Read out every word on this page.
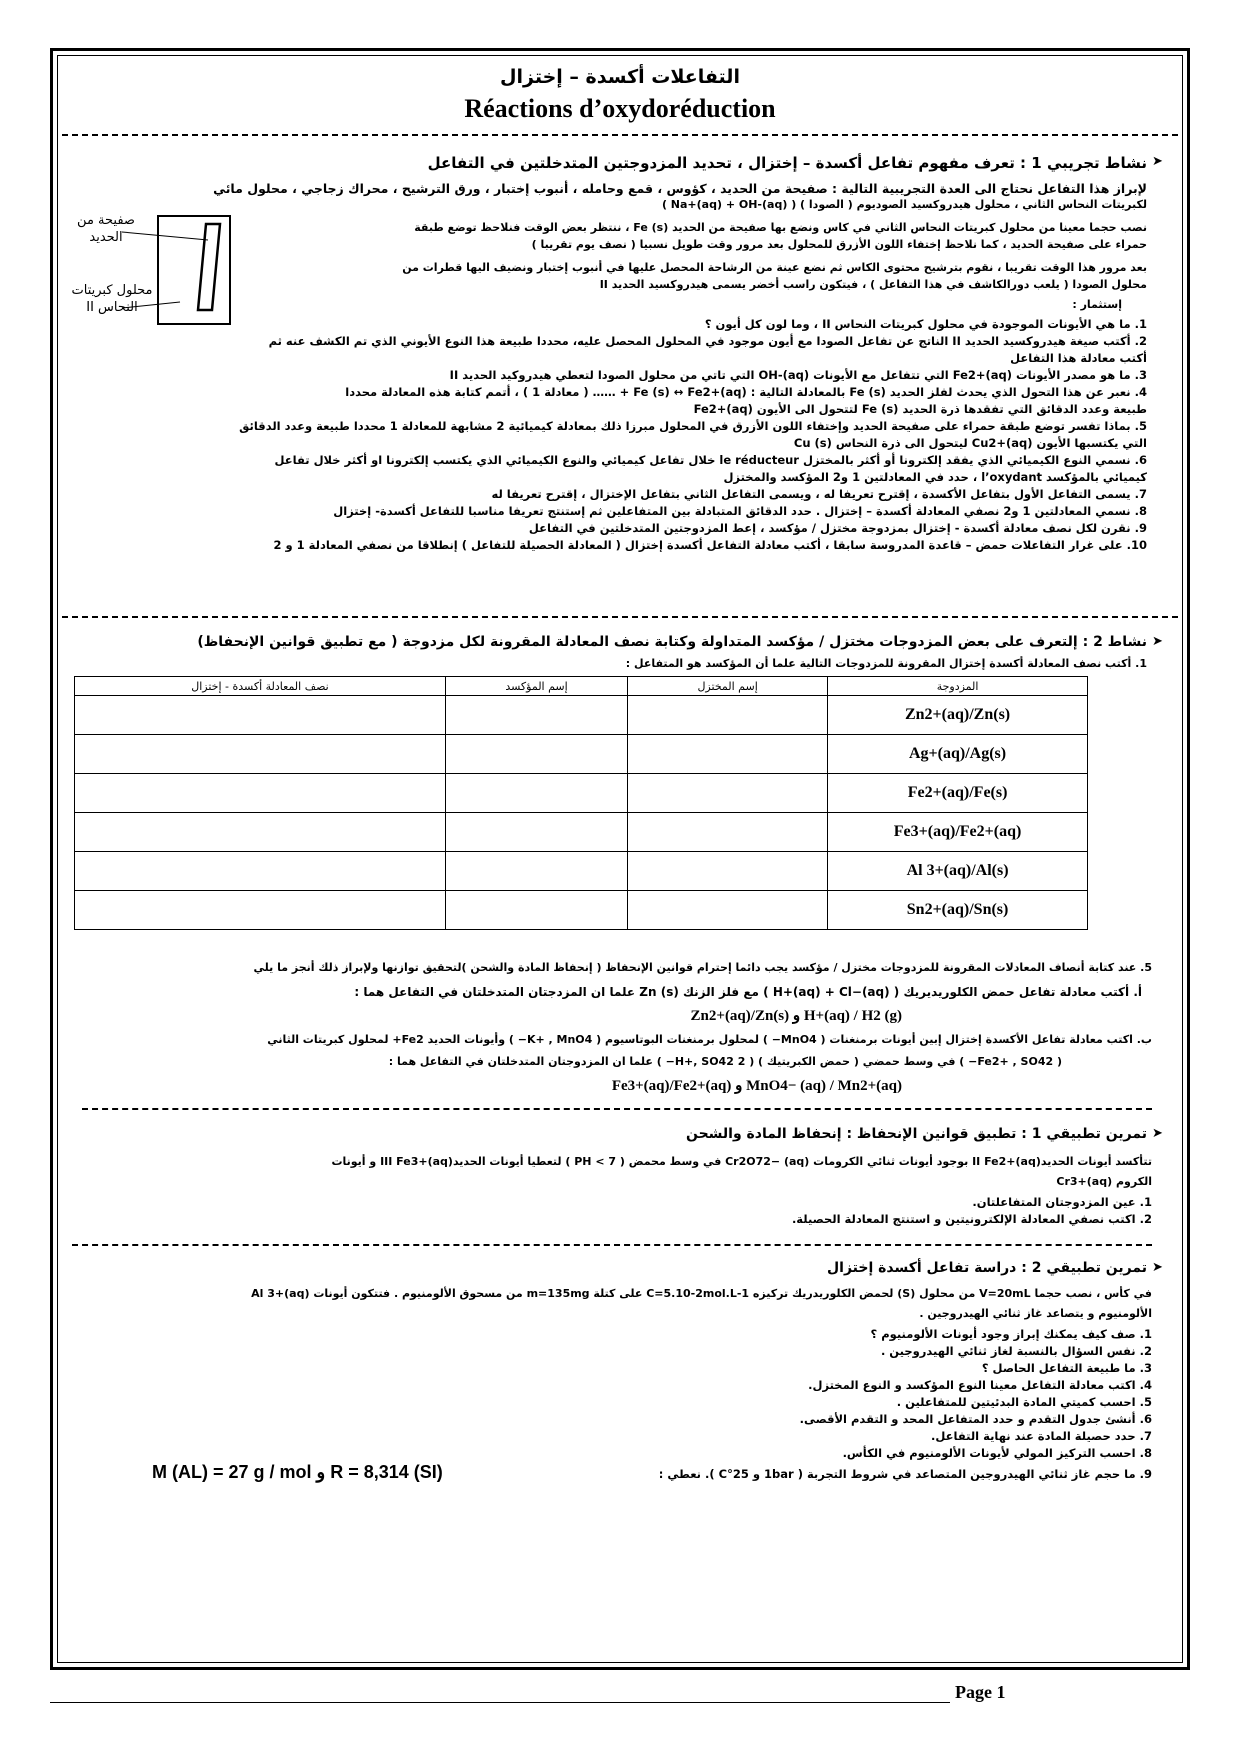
التفاعلات أكسدة – إختزال
Réactions d’oxydoréduction
نشاط تجريبي 1 : تعرف مفهوم تفاعل أكسدة – إختزال ، تحديد المزدوجتين المتدخلتين في التفاعل ➤
لإبراز هذا التفاعل نحتاج الى العدة التجريبية التالية : صفيحة من الحديد ، كؤوس ، قمع وحامله ، أنبوب إختبار ، ورق الترشيح ، محراك زجاجي ، محلول مائي
لكبريتات النحاس الثاني ، محلول هيدروكسيد الصوديوم ( الصودا ) ( Na+(aq) + OH-(aq) )
صفيحة من الحديد
محلول كبريتات النحاس II
نصب حجما معينا من محلول كبريتات النحاس الثاني في كاس ونضع بها صفيحة من الحديد Fe (s) ، ننتظر بعض الوقت فنلاحظ توضع طبقة
حمراء على صفيحة الحديد ، كما نلاحظ إختفاء اللون الأزرق للمحلول بعد مرور وقت طويل نسبيا ( نصف يوم تقريبا )
بعد مرور هذا الوقت تقريبا ، نقوم بترشيح محتوى الكاس ثم نضع عينة من الرشاحة المحصل عليها في أنبوب إختبار ونضيف اليها قطرات من
محلول الصودا ( يلعب دورالكاشف في هذا التفاعل ) ، فيتكون راسب أخضر يسمى هيدروكسيد الحديد II
إستثمار :
1. ما هي الأيونات الموجودة في محلول كبريتات النحاس II ، وما لون كل أيون ؟
2. أكتب صيغة هيدروكسيد الحديد II الناتج عن تفاعل الصودا مع أيون موجود في المحلول المحصل عليه، محددا طبيعة هذا النوع الأيوني الذي تم الكشف عنه ثم
أكتب معادلة هذا التفاعل
3. ما هو مصدر الأيونات Fe2+(aq) التي تتفاعل مع الأيونات OH-(aq) التي تاتي من محلول الصودا لتعطي هيدروكيد الحديد II
4. نعبر عن هذا التحول الذي يحدث لفلز الحديد Fe (s) بالمعادلة التالية : Fe (s) ↔ Fe2+(aq) + …… ( معادلة 1 ) ، أتمم كتابة هذه المعادلة محددا
طبيعة وعدد الدقائق التي تفقدها ذرة الحديد Fe (s) لتتحول الى الأيون Fe2+(aq)
5. بماذا تفسر توضع طبقة حمراء على صفيحة الحديد وإختفاء اللون الأزرق في المحلول مبرزا ذلك بمعادلة كيميائية 2 مشابهة للمعادلة 1 محددا طبيعة وعدد الدقائق
التي يكتسبها الأيون Cu2+(aq) ليتحول الى ذرة النحاس Cu (s)
6. نسمي النوع الكيميائي الذي يفقد إلكترونا أو أكثر بالمختزل le réducteur خلال تفاعل كيميائي والنوع الكيميائي الذي يكتسب إلكترونا او أكثر خلال تفاعل
كيميائي بالمؤكسد l’oxydant ، حدد في المعادلتين 1 و2 المؤكسد والمختزل
7. يسمى التفاعل الأول بتفاعل الأكسدة ، إقترح تعريفا له ، ويسمى التفاعل الثاني بتفاعل الإختزال ، إقترح تعريفا له
8. نسمي المعادلتين 1 و2 نصفي المعادلة أكسدة – إختزال . حدد الدقائق المتبادلة بين المتفاعلين ثم إستنتج تعريفا مناسبا للتفاعل أكسدة- إختزال
9. نقرن لكل نصف معادلة أكسدة - إختزال بمزدوجة مختزل / مؤكسد ، إعط المزدوجتين المتدخلتين في التفاعل
10. على غرار التفاعلات حمض – قاعدة المدروسة سابقا ، أكتب معادلة التفاعل أكسدة إختزال ( المعادلة الحصيلة للتفاعل ) إنطلاقا من نصفي المعادلة 1 و 2
نشاط 2 : إلتعرف على بعض المزدوجات مختزل / مؤكسد المتداولة وكتابة نصف المعادلة المقرونة لكل مزدوجة ( مع تطبيق قوانين الإنحفاظ) ➤
1. أكتب نصف المعادلة أكسدة إختزال المقرونة للمزدوجات التالية علما أن المؤكسد هو المتفاعل :
نصف المعادلة أكسدة - إختزال	إسم المؤكسد	إسم المختزل	المزدوجة
			Zn2+(aq)/Zn(s)
			Ag+(aq)/Ag(s)
			Fe2+(aq)/Fe(s)
			Fe3+(aq)/Fe2+(aq)
			Al 3+(aq)/Al(s)
			Sn2+(aq)/Sn(s)
5. عند كتابة أنصاف المعادلات المقرونة للمزدوجات مختزل / مؤكسد يجب دائما إحترام قوانين الإنحفاظ ( إنحفاظ المادة والشحن )لتحقيق توازنها ولإبراز ذلك أنجز ما يلي
أ. أكتب معادلة تفاعل حمض الكلوريديريك ( H+(aq) + Cl−(aq) ) مع فلز الزنك Zn (s) علما ان المزدجتان المتدخلتان في التفاعل هما :
H+(aq) / H2 (g) و Zn2+(aq)/Zn(s)
ب. اكتب معادلة تفاعل الأكسدة إختزال إبين أيونات برمنغنات ( MnO4− ) لمحلول برمنغنات البوتاسيوم ( K+ , MnO4− ) وأيونات الحديد Fe2+ لمحلول كبريتات الثاني
( Fe2+ , SO42− ) في وسط حمضي ( حمض الكبريتيك ) ( 2 H+, SO42− ) علما ان المزدوجتان المتدخلتان في التفاعل هما :
MnO4− (aq) / Mn2+(aq) و Fe3+(aq)/Fe2+(aq)
تمرين تطبيقي 1 : تطبيق قوانين الإنحفاظ : إنحفاظ المادة والشحن ➤
تتأكسد أيونات الحديدII Fe2+(aq) بوجود أيونات ثنائي الكرومات Cr2O72− (aq) في وسط محمض ( PH < 7 ) لتعطيا أيونات الحديدIII Fe3+(aq) و أيونات
الكروم Cr3+(aq)
1. عين المزدوجتان المتفاعلتان.
2. اكتب نصفي المعادلة الإلكترونيتين و استنتج المعادلة الحصيلة.
تمرين تطبيقي 2 : دراسة تفاعل أكسدة إختزال ➤
في كأس ، نصب حجما V=20mL من محلول (S) لحمض الكلوريدريك تركيزه C=5.10-2mol.L-1 على كتلة m=135mg من مسحوق الألومنيوم . فتتكون أيونات Al 3+(aq)
الألومنيوم و يتصاعد غاز ثنائي الهيدروجين .
1. صف كيف يمكنك إبراز وجود أيونات الألومنيوم ؟
2. نفس السؤال بالنسبة لغاز ثنائي الهيدروجين .
3. ما طبيعة التفاعل الحاصل ؟
4. اكتب معادلة التفاعل معينا النوع المؤكسد و النوع المختزل.
5. احسب كميتي المادة البدئيتين للمتفاعلين .
6. أنشئ جدول التقدم و حدد المتفاعل المحد و التقدم الأقصى.
7. حدد حصيلة المادة عند نهاية التفاعل.
8. احسب التركيز المولي لأيونات الألومنيوم في الكأس.
9. ما حجم غاز ثنائي الهيدروجين المتصاعد في شروط التجربة ( 1bar و 25°C ). نعطي :
M (AL) = 27 g / mol و R = 8,314 (SI)
Page 1
